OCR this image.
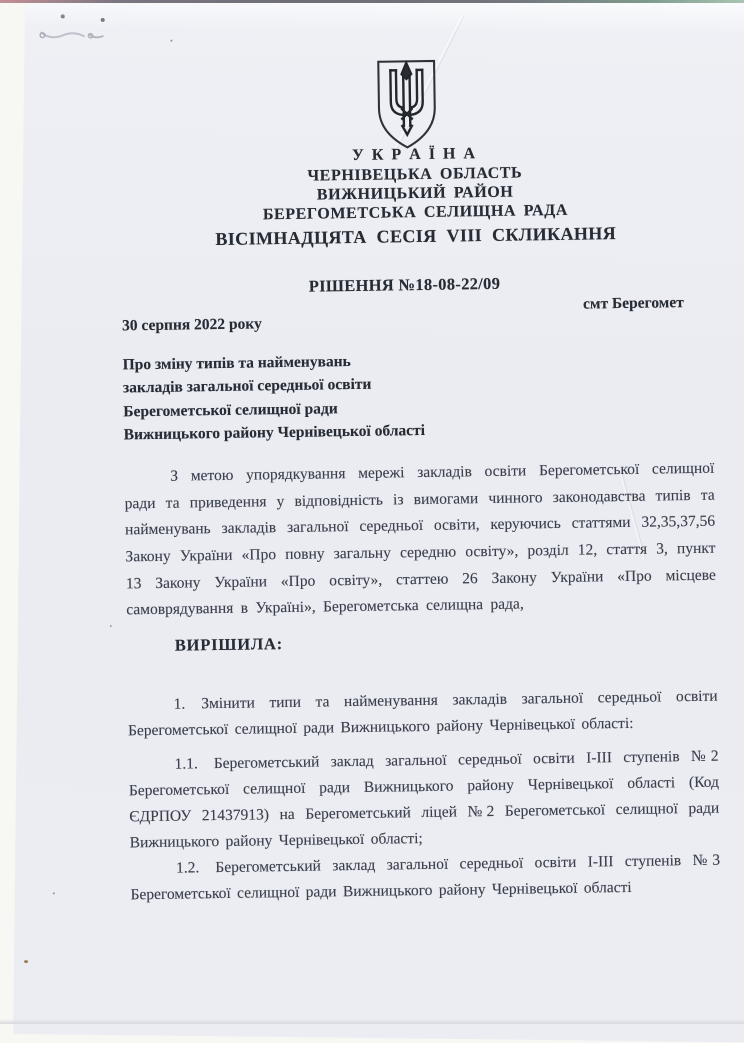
У К Р А Ї Н А
ЧЕРНІВЕЦЬКА ОБЛАСТЬ
ВИЖНИЦЬКИЙ РАЙОН
БЕРЕГОМЕТСЬКА СЕЛИЩНА РАДА
ВІСІМНАДЦЯТА СЕСІЯ VIII СКЛИКАННЯ
РІШЕННЯ №18-08-22/09
30 серпня 2022 року
смт Берегомет
Про зміну типів та найменувань
закладів загальної середньої освіти
Берегометської селищної ради
Вижницького району Чернівецької області

З метою упорядкування мережі закладів освіти Берегометської селищної ради та приведення у відповідність із вимогами чинного законодавства типів та найменувань закладів загальної середньої освіти, керуючись статтями 32,35,37,56 Закону України «Про повну загальну середню освіту», розділ 12, стаття 3, пункт 13 Закону України «Про освіту», статтею 26 Закону України «Про місцеве самоврядування в Україні», Берегометська селищна рада,

ВИРІШИЛА:

1. Змінити типи та найменування закладів загальної середньої освіти Берегометської селищної ради Вижницького району Чернівецької області:

1.1. Берегометський заклад загальної середньої освіти І-ІІІ ступенів №2 Берегометської селищної ради Вижницького району Чернівецької області (Код ЄДРПОУ 21437913) на Берегометський ліцей №2 Берегометської селищної ради Вижницького району Чернівецької області;

1.2. Берегометський заклад загальної середньої освіти І-ІІІ ступенів №3 Берегометської селищної ради Вижницького району Чернівецької області
